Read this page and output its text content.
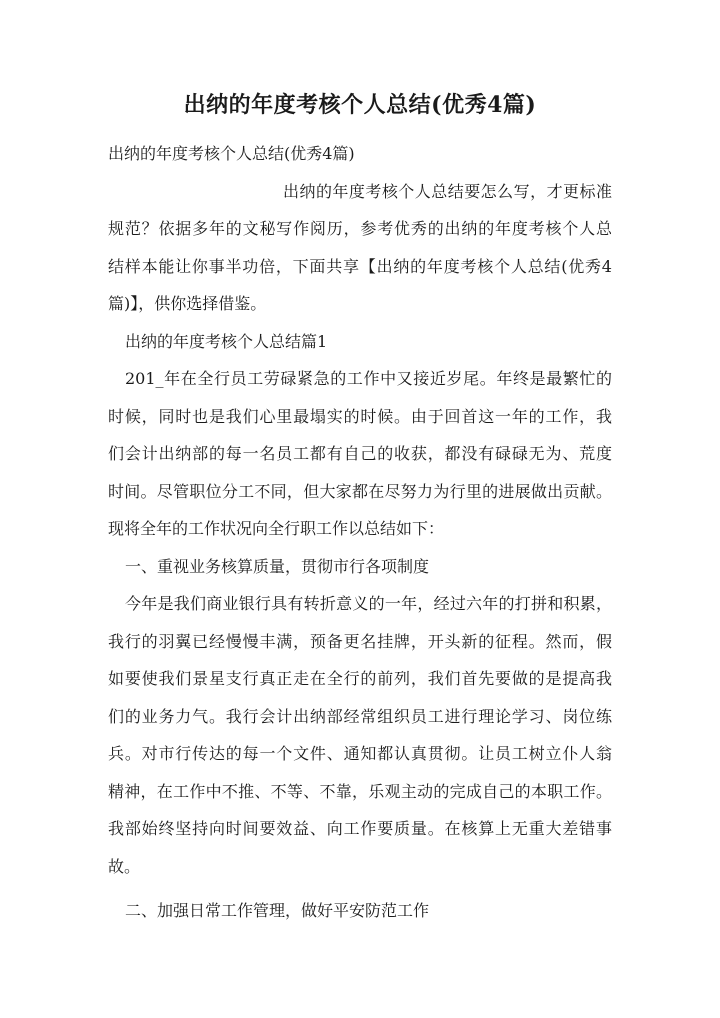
出纳的年度考核个人总结(优秀4篇)
出纳的年度考核个人总结(优秀4篇)
出纳的年度考核个人总结要怎么写，才更标准
规范？依据多年的文秘写作阅历，参考优秀的出纳的年度考核个人总
结样本能让你事半功倍，下面共享【出纳的年度考核个人总结(优秀4
篇)】，供你选择借鉴。
出纳的年度考核个人总结篇1
201_年在全行员工劳碌紧急的工作中又接近岁尾。年终是最繁忙的
时候，同时也是我们心里最塌实的时候。由于回首这一年的工作，我
们会计出纳部的每一名员工都有自己的收获，都没有碌碌无为、荒度
时间。尽管职位分工不同，但大家都在尽努力为行里的进展做出贡献。
现将全年的工作状况向全行职工作以总结如下：
一、重视业务核算质量，贯彻市行各项制度
今年是我们商业银行具有转折意义的一年，经过六年的打拼和积累，
我行的羽翼已经慢慢丰满，预备更名挂牌，开头新的征程。然而，假
如要使我们景星支行真正走在全行的前列，我们首先要做的是提高我
们的业务力气。我行会计出纳部经常组织员工进行理论学习、岗位练
兵。对市行传达的每一个文件、通知都认真贯彻。让员工树立仆人翁
精神，在工作中不推、不等、不靠，乐观主动的完成自己的本职工作。
我部始终坚持向时间要效益、向工作要质量。在核算上无重大差错事
故。
二、加强日常工作管理，做好平安防范工作
